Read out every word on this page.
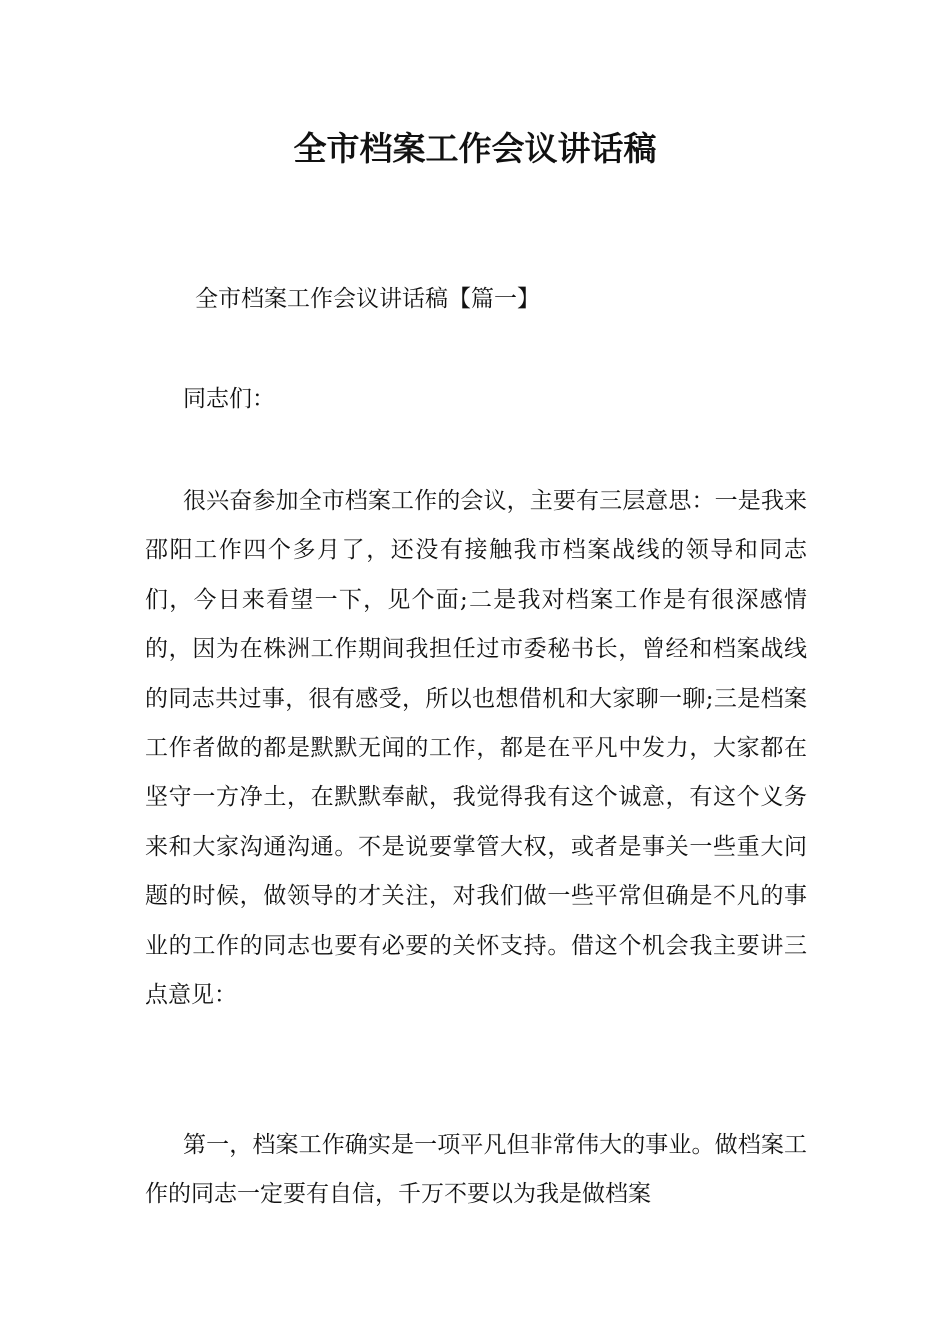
全市档案工作会议讲话稿

全市档案工作会议讲话稿【篇一】

同志们：

很兴奋参加全市档案工作的会议，主要有三层意思：一是我来邵阳工作四个多月了，还没有接触我市档案战线的领导和同志们，今日来看望一下，见个面;二是我对档案工作是有很深感情的，因为在株洲工作期间我担任过市委秘书长，曾经和档案战线的同志共过事，很有感受，所以也想借机和大家聊一聊;三是档案工作者做的都是默默无闻的工作，都是在平凡中发力，大家都在坚守一方净土，在默默奉献，我觉得我有这个诚意，有这个义务来和大家沟通沟通。不是说要掌管大权，或者是事关一些重大问题的时候，做领导的才关注，对我们做一些平常但确是不凡的事业的工作的同志也要有必要的关怀支持。借这个机会我主要讲三点意见：

第一，档案工作确实是一项平凡但非常伟大的事业。做档案工作的同志一定要有自信，千万不要以为我是做档案
